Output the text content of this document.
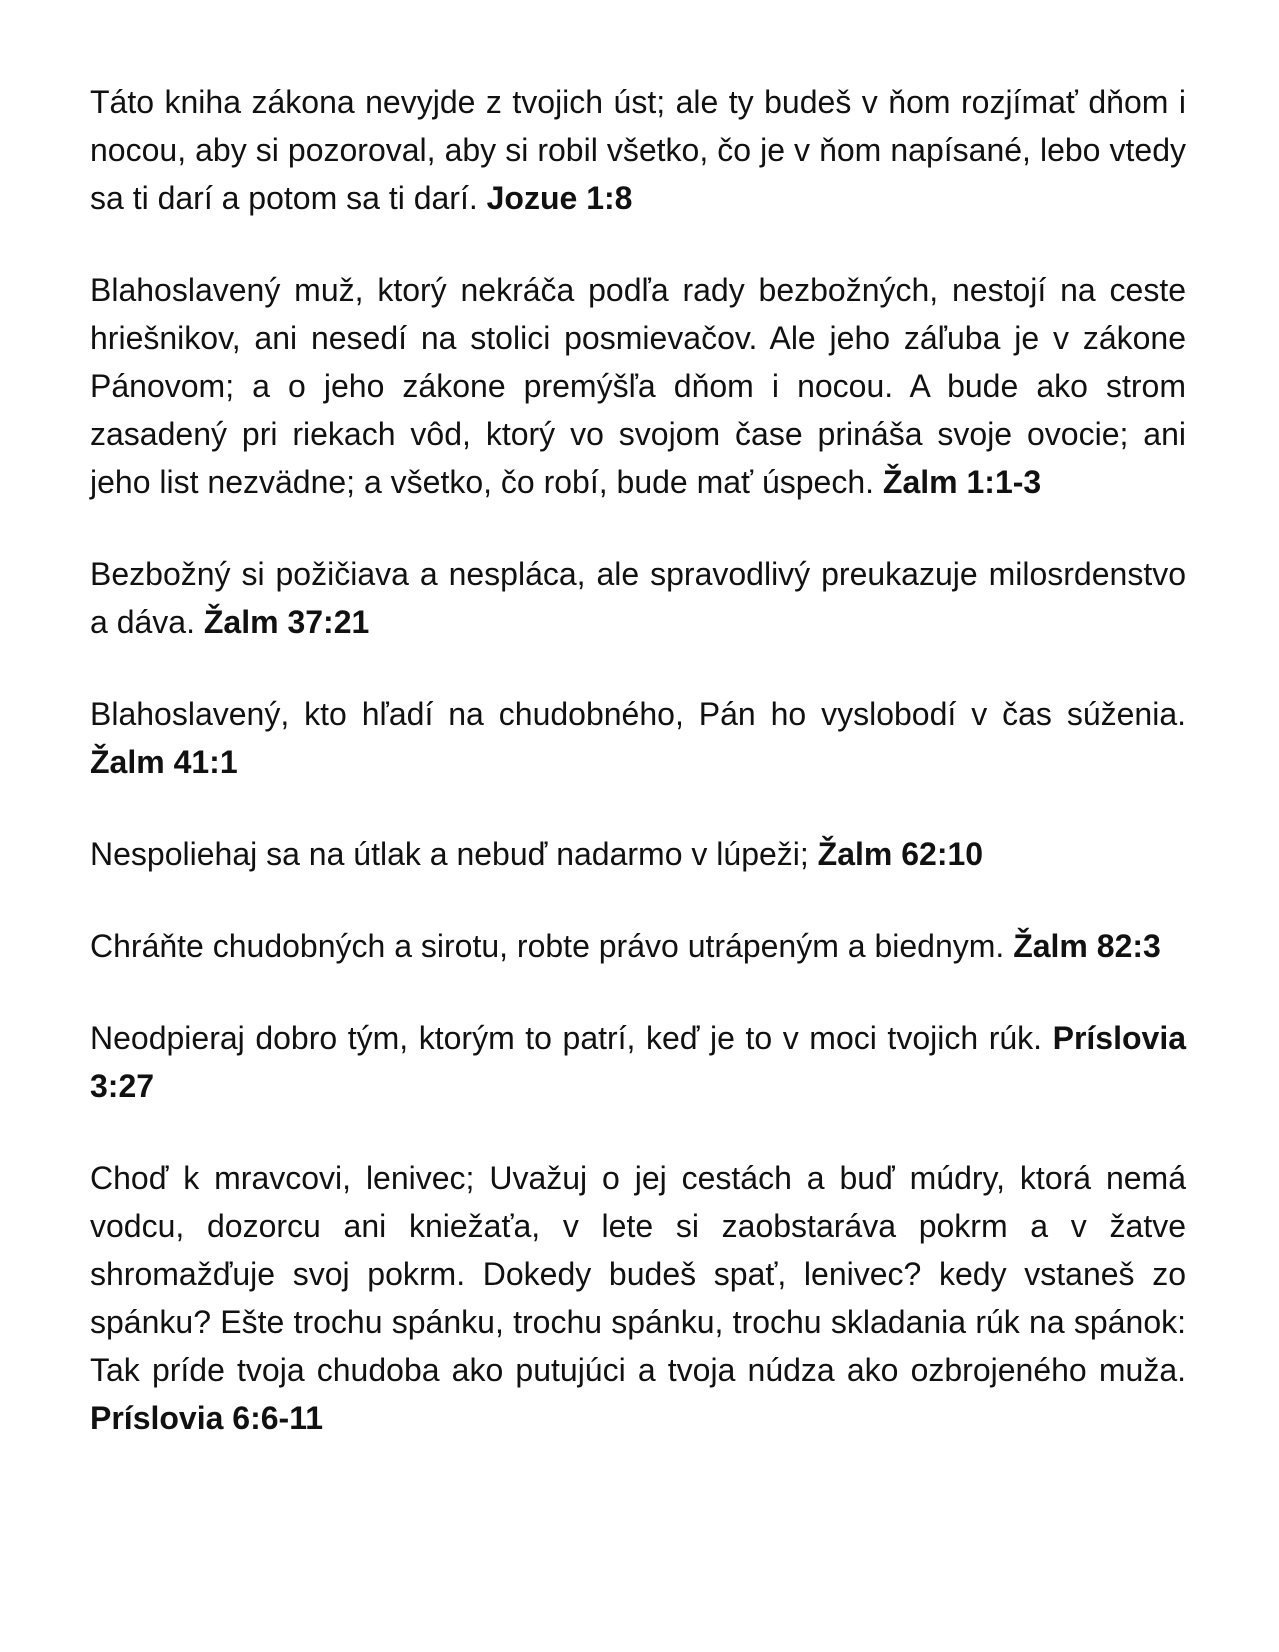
Táto kniha zákona nevyjde z tvojich úst; ale ty budeš v ňom rozjímať dňom i nocou, aby si pozoroval, aby si robil všetko, čo je v ňom napísané, lebo vtedy sa ti darí a potom sa ti darí. Jozue 1:8

Blahoslavený muž, ktorý nekráča podľa rady bezbožných, nestojí na ceste hriešnikov, ani nesedí na stolici posmievačov. Ale jeho záľuba je v zákone Pánovom; a o jeho zákone premýšľa dňom i nocou. A bude ako strom zasadený pri riekach vôd, ktorý vo svojom čase prináša svoje ovocie; ani jeho list nezvädne; a všetko, čo robí, bude mať úspech. Žalm 1:1-3

Bezbožný si požičiava a nespláca, ale spravodlivý preukazuje milosrdenstvo a dáva. Žalm 37:21

Blahoslavený, kto hľadí na chudobného, Pán ho vyslobodí v čas súženia. Žalm 41:1

Nespoliehaj sa na útlak a nebuď nadarmo v lúpeži; Žalm 62:10

Chráňte chudobných a sirotu, robte právo utrápeným a biednym. Žalm 82:3

Neodpieraj dobro tým, ktorým to patrí, keď je to v moci tvojich rúk. Príslovia 3:27

Choď k mravcovi, lenivec; Uvažuj o jej cestách a buď múdry, ktorá nemá vodcu, dozorcu ani kniežaťa, v lete si zaobstaráva pokrm a v žatve shromažďuje svoj pokrm. Dokedy budeš spať, lenivec? kedy vstaneš zo spánku? Ešte trochu spánku, trochu spánku, trochu skladania rúk na spánok: Tak príde tvoja chudoba ako putujúci a tvoja núdza ako ozbrojeného muža. Príslovia 6:6-11
